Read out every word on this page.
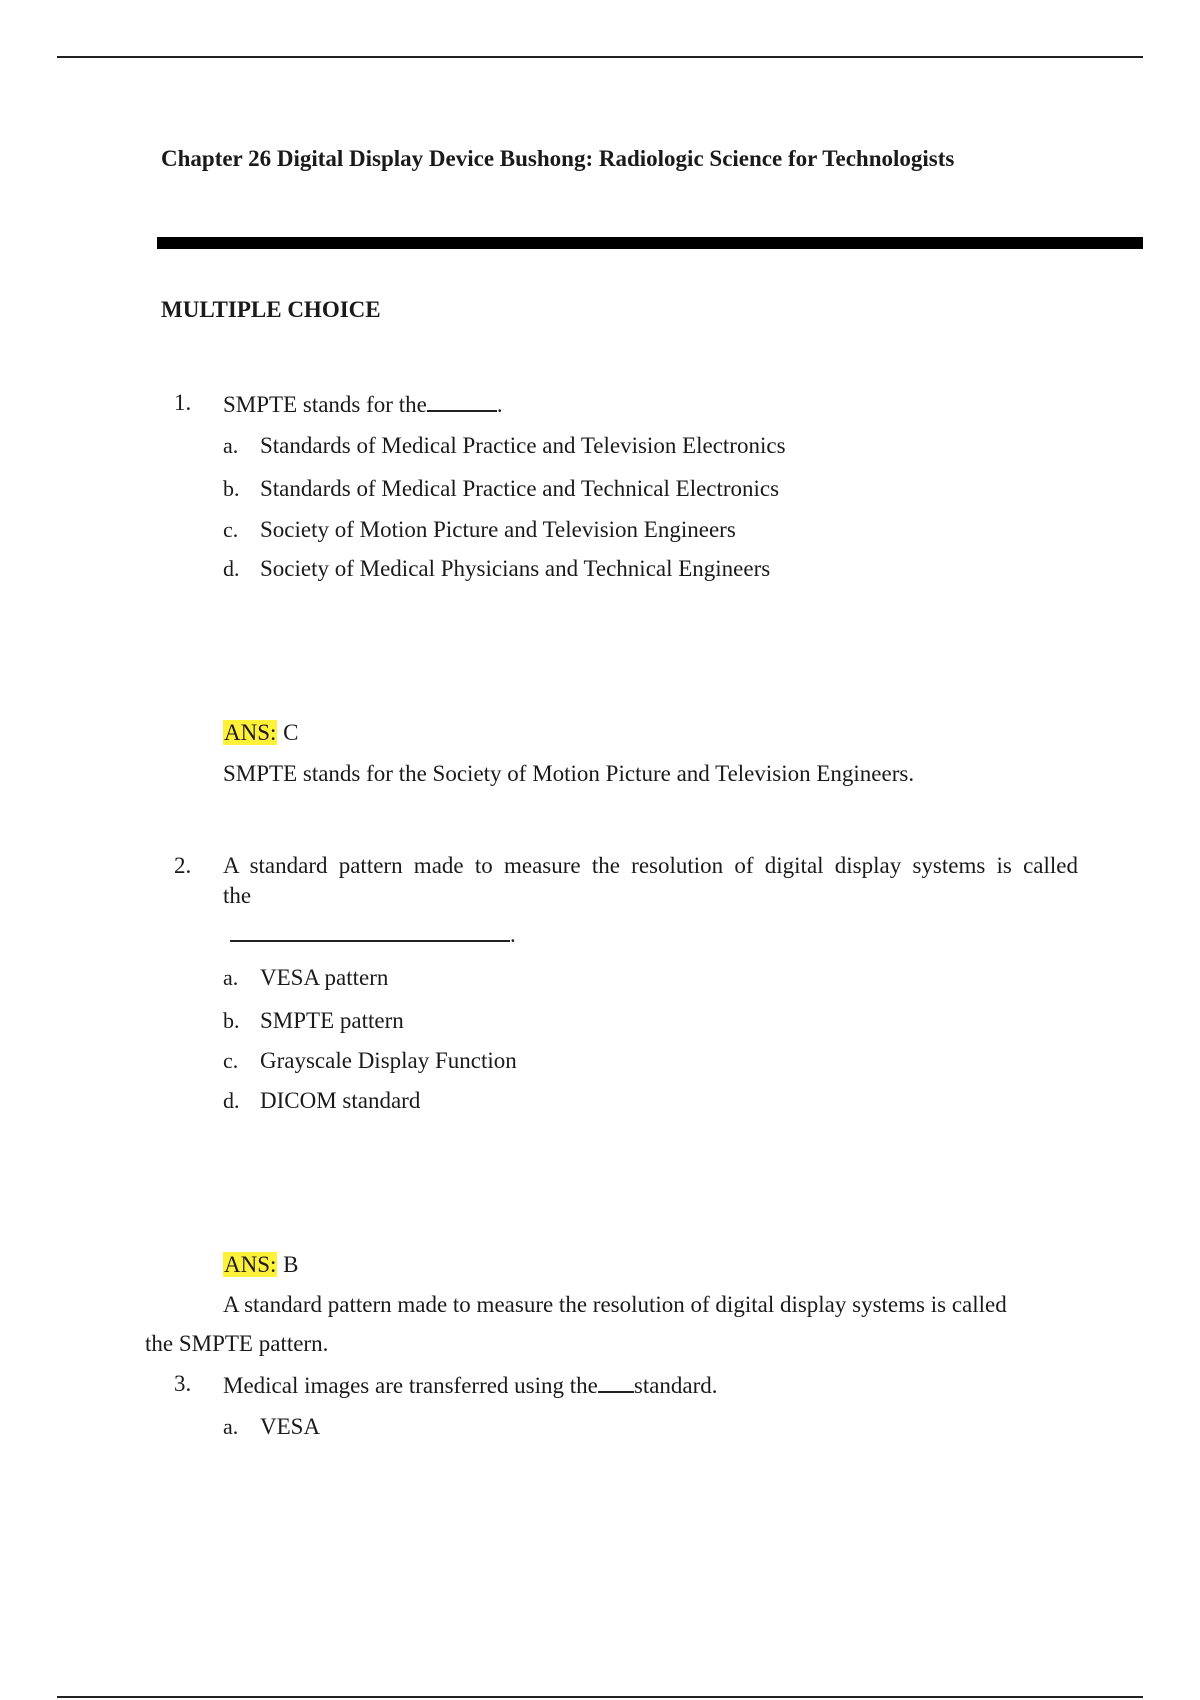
Chapter 26 Digital Display Device Bushong: Radiologic Science for Technologists
MULTIPLE CHOICE
1. SMPTE stands for the	.
a. Standards of Medical Practice and Television Electronics
b. Standards of Medical Practice and Technical Electronics
c. Society of Motion Picture and Television Engineers
d. Society of Medical Physicians and Technical Engineers
ANS: C
SMPTE stands for the Society of Motion Picture and Television Engineers.
2. A standard pattern made to measure the resolution of digital display systems is called
the
.
a. VESA pattern
b. SMPTE pattern
c. Grayscale Display Function
d. DICOM standard
ANS: B
A standard pattern made to measure the resolution of digital display systems is called
the SMPTE pattern.
3. Medical images are transferred using the standard.
a. VESA
